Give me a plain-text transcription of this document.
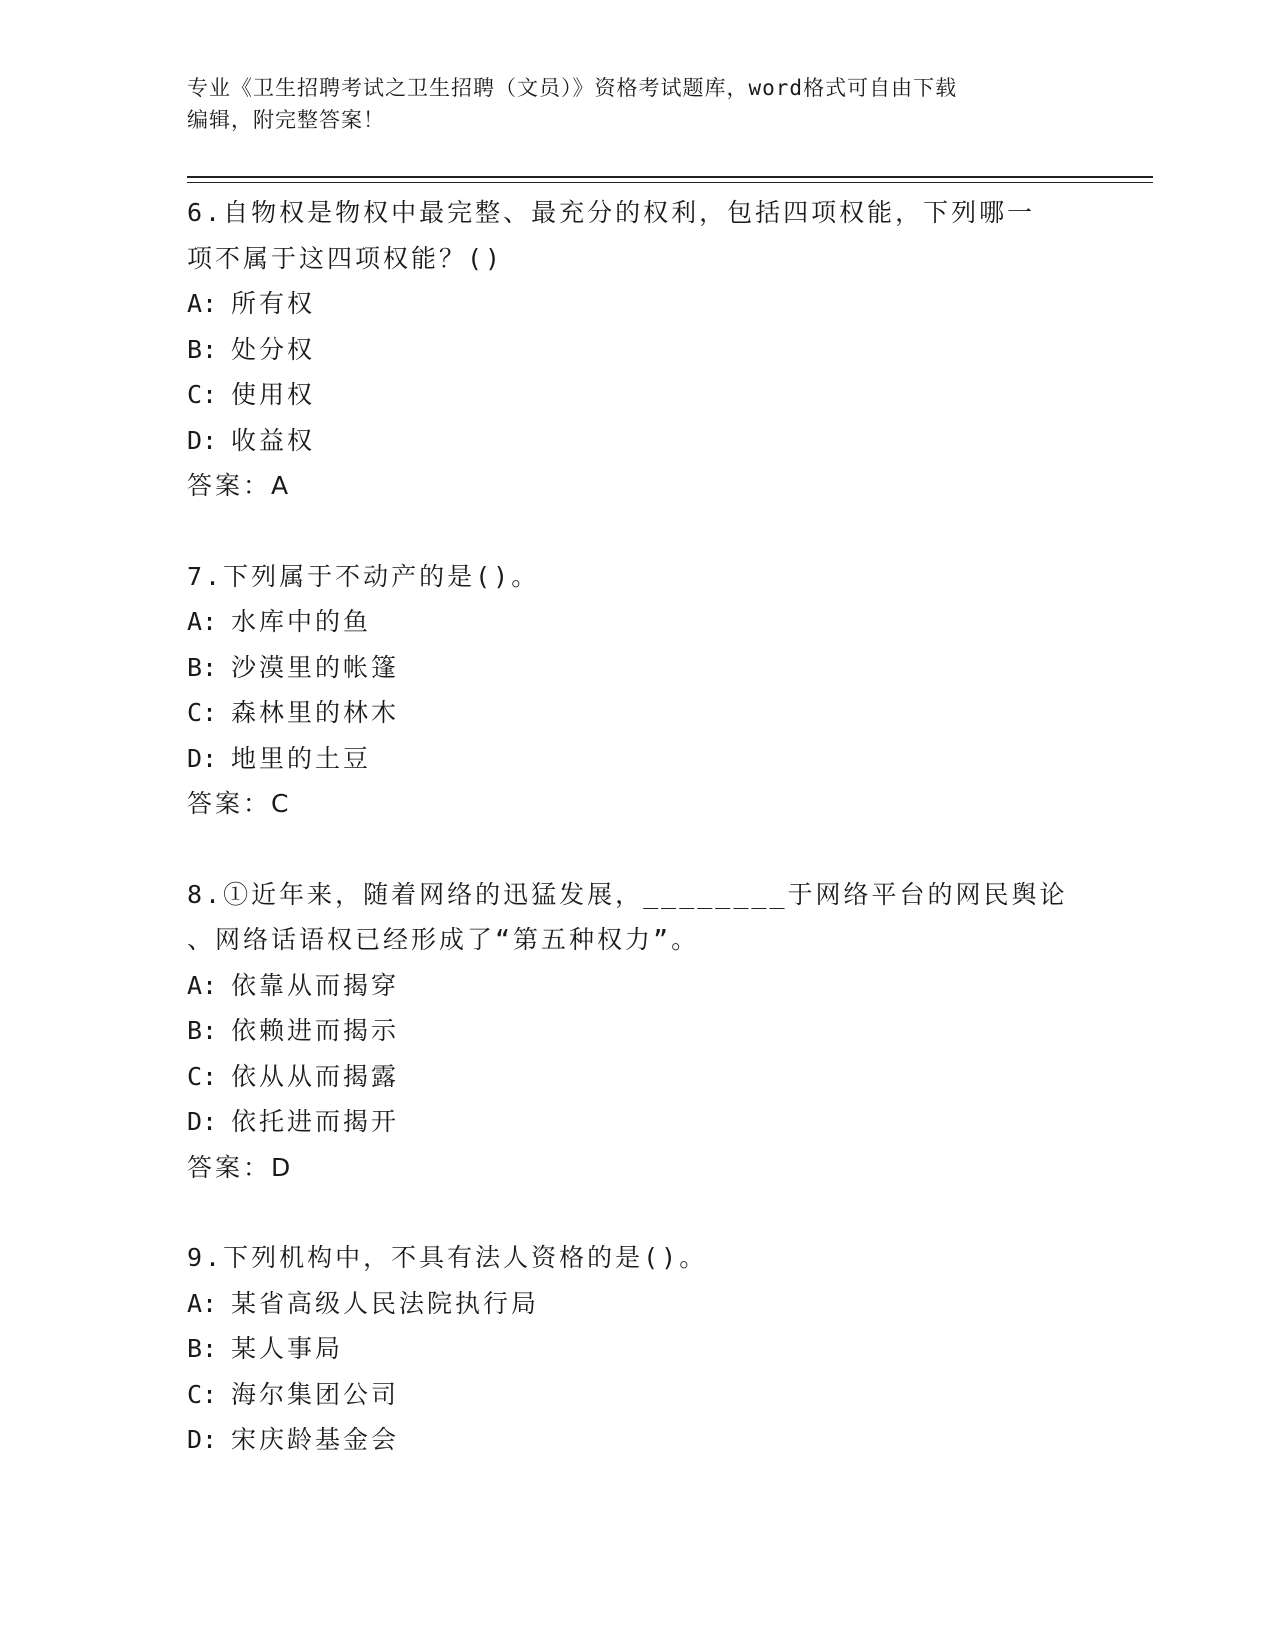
专业《卫生招聘考试之卫生招聘（文员）》资格考试题库，word格式可自由下载
编辑，附完整答案！
6.自物权是物权中最完整、最充分的权利，包括四项权能，下列哪一
项不属于这四项权能？()
A: 所有权
B: 处分权
C: 使用权
D: 收益权
答案：A
7.下列属于不动产的是()。
A: 水库中的鱼
B: 沙漠里的帐篷
C: 森林里的林木
D: 地里的土豆
答案：C
8.①近年来，随着网络的迅猛发展，________于网络平台的网民舆论
、网络话语权已经形成了“第五种权力”。
A: 依靠从而揭穿
B: 依赖进而揭示
C: 依从从而揭露
D: 依托进而揭开
答案：D
9.下列机构中，不具有法人资格的是()。
A: 某省高级人民法院执行局
B: 某人事局
C: 海尔集团公司
D: 宋庆龄基金会
